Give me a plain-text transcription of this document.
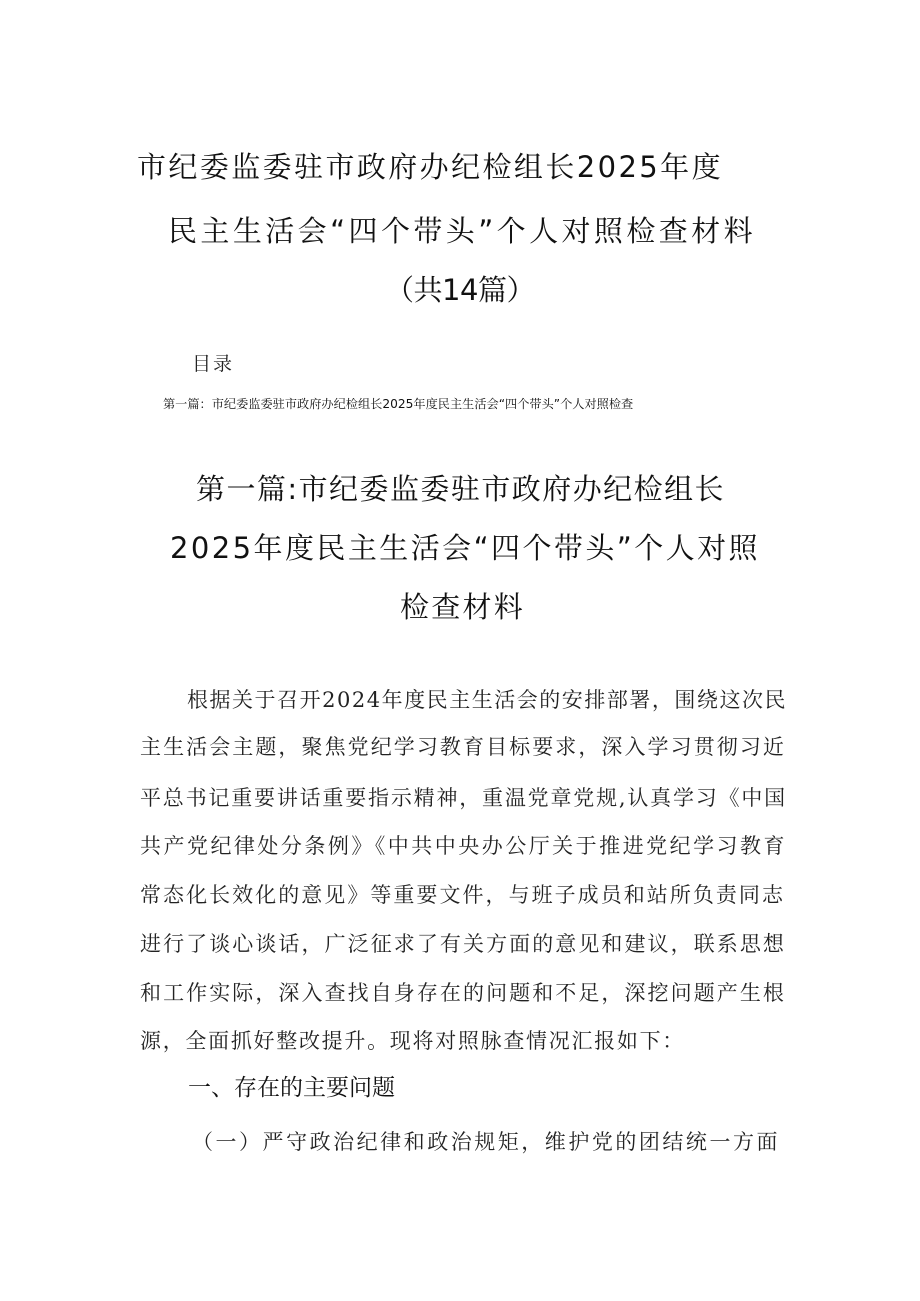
市纪委监委驻市政府办纪检组长2025年度
民主生活会“四个带头”个人对照检查材料
（共14篇）
目录
第一篇：市纪委监委驻市政府办纪检组长2025年度民主生活会“四个带头”个人对照检查
第一篇:市纪委监委驻市政府办纪检组长
2025年度民主生活会“四个带头”个人对照
检查材料
根据关于召开2024年度民主生活会的安排部署，围绕这次民
主生活会主题，聚焦党纪学习教育目标要求，深入学习贯彻习近
平总书记重要讲话重要指示精神，重温党章党规,认真学习《中国
共产党纪律处分条例》《中共中央办公厅关于推进党纪学习教育
常态化长效化的意见》等重要文件，与班子成员和站所负责同志
进行了谈心谈话，广泛征求了有关方面的意见和建议，联系思想
和工作实际，深入查找自身存在的问题和不足，深挖问题产生根
源，全面抓好整改提升。现将对照脉查情况汇报如下：
一、存在的主要问题
（一）严守政治纪律和政治规矩，维护党的团结统一方面
